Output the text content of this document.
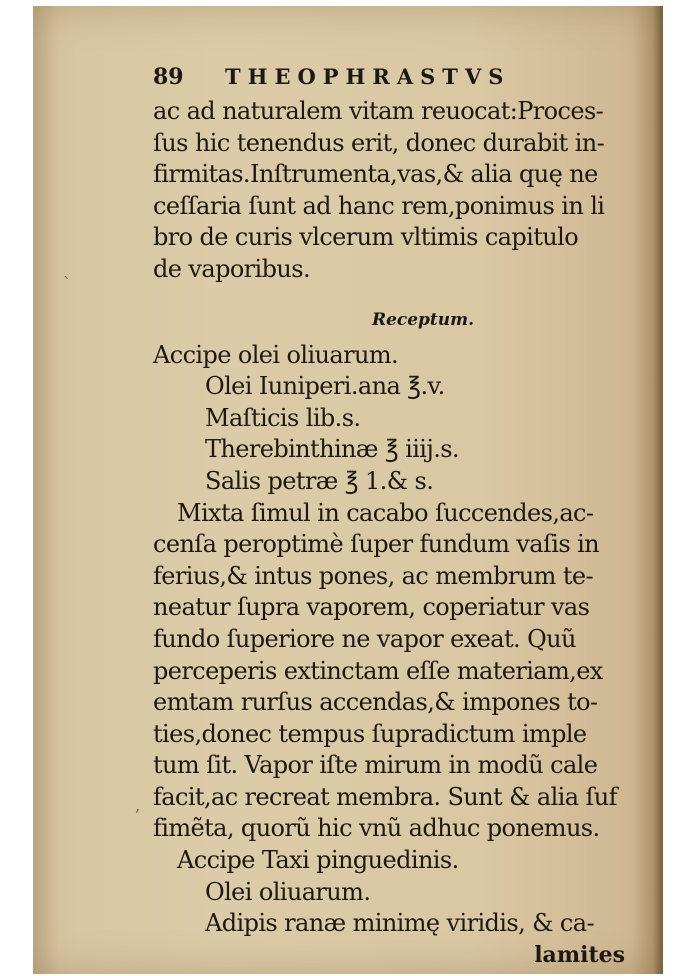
89	THEOPHRASTVS
ac ad naturalem vitam reuocat:Proces-
ſus hic tenendus erit, donec durabit in-
firmitas.Inſtrumenta,vas,& alia quę ne
ceſſaria ſunt ad hanc rem,ponimus in li
bro de curis vlcerum vltimis capitulo
de vaporibus.
Receptum.
Accipe olei oliuarum.
Olei Iuniperi.ana ℥.v.
Maſticis lib.s.
Therebinthinæ ℥ iiij.s.
Salis petræ ℥ 1.& s.
Mixta ſimul in cacabo ſuccendes,ac-
cenſa peroptimè ſuper fundum vaſis in
ferius,& intus pones, ac membrum te-
neatur ſupra vaporem, coperiatur vas
fundo ſuperiore ne vapor exeat. Quũ
perceperis extinctam eſſe materiam,ex
emtam rurſus accendas,& impones to-
ties,donec tempus ſupradictum imple
tum ſit. Vapor iſte mirum in modũ cale
facit,ac recreat membra. Sunt & alia ſuf
fimẽta, quorũ hic vnũ adhuc ponemus.
Accipe Taxi pinguedinis.
Olei oliuarum.
Adipis ranæ minimę viridis, & ca-
lamites
`
‚
